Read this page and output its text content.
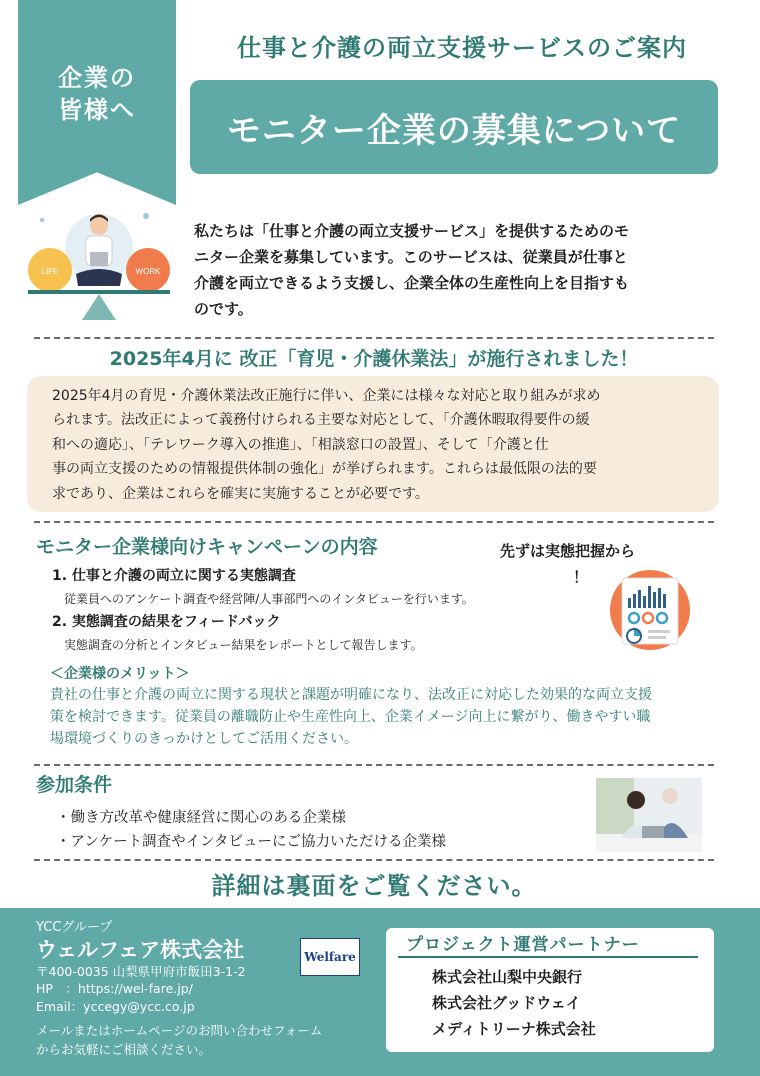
企業の
皆様へ
仕事と介護の両立支援サービスのご案内
モニター企業の募集について
LIFE	WORK
私たちは「仕事と介護の両立支援サービス」を提供するためのモ
ニター企業を募集しています。このサービスは、従業員が仕事と
介護を両立できるよう支援し、企業全体の生産性向上を目指すも
のです。
2025年4月に 改正「育児・介護休業法」が施行されました！
2025年4月の育児・介護休業法改正施行に伴い、企業には様々な対応と取り組みが求め
られます。法改正によって義務付けられる主要な対応として、「介護休暇取得要件の緩
和への適応」、「テレワーク導入の推進」、「相談窓口の設置」、そして「介護と仕
事の両立支援のための情報提供体制の強化」が挙げられます。これらは最低限の法的要
求であり、企業はこれらを確実に実施することが必要です。
モニター企業様向けキャンペーンの内容	先ずは実態把握から
！
1. 仕事と介護の両立に関する実態調査
従業員へのアンケート調査や経営陣/人事部門へのインタビューを行います。
2. 実態調査の結果をフィードバック
実態調査の分析とインタビュー結果をレポートとして報告します。
＜企業様のメリット＞
貴社の仕事と介護の両立に関する現状と課題が明確になり、法改正に対応した効果的な両立支援
策を検討できます。従業員の離職防止や生産性向上、企業イメージ向上に繋がり、働きやすい職
場環境づくりのきっかけとしてご活用ください。
参加条件
・働き方改革や健康経営に関心のある企業様
・アンケート調査やインタビューにご協力いただける企業様
詳細は裏面をご覧ください。
YCCグループ
ウェルフェア株式会社
〒400-0035 山梨県甲府市飯田3-1-2
HP　：https://wel-fare.jp/
Email：yccegy@ycc.co.jp
メールまたはホームページのお問い合わせフォーム
からお気軽にご相談ください。
Welfare
プロジェクト運営パートナー
株式会社山梨中央銀行
株式会社グッドウェイ
メディトリーナ株式会社
